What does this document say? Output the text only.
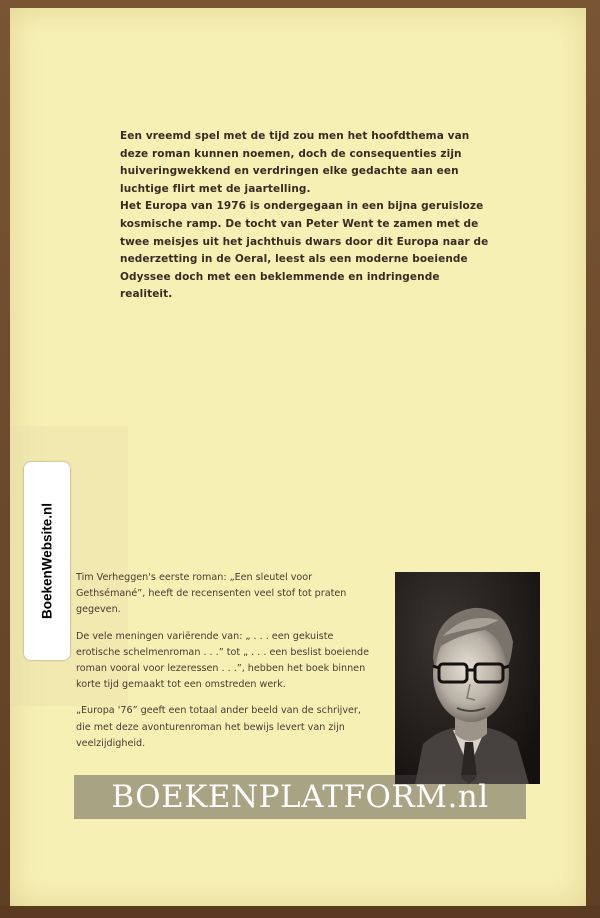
Een vreemd spel met de tijd zou men het hoofdthema van deze roman kunnen noemen, doch de consequenties zijn huiveringwekkend en verdringen elke gedachte aan een luchtige flirt met de jaartelling.

Het Europa van 1976 is ondergegaan in een bijna geruisloze kosmische ramp. De tocht van Peter Went te zamen met de twee meisjes uit het jachthuis dwars door dit Europa naar de nederzetting in de Oeral, leest als een moderne boeiende Odyssee doch met een beklemmende en indringende realiteit.

BoekenWebsite.nl Tim Verheggen's eerste roman: „Een sleutel voor Gethsémané”, heeft de recensenten veel stof tot praten gegeven.

De vele meningen variërende van: „ . . . een gekuiste erotische schelmenroman . . .” tot „ . . . een beslist boeiende roman vooral voor lezeressen . . .”, hebben het boek binnen korte tijd gemaakt tot een omstreden werk.

„Europa '76” geeft een totaal ander beeld van de schrijver, die met deze avonturenroman het bewijs levert van zijn veelzijdigheid.

BOEKENPLATFORM.nl
